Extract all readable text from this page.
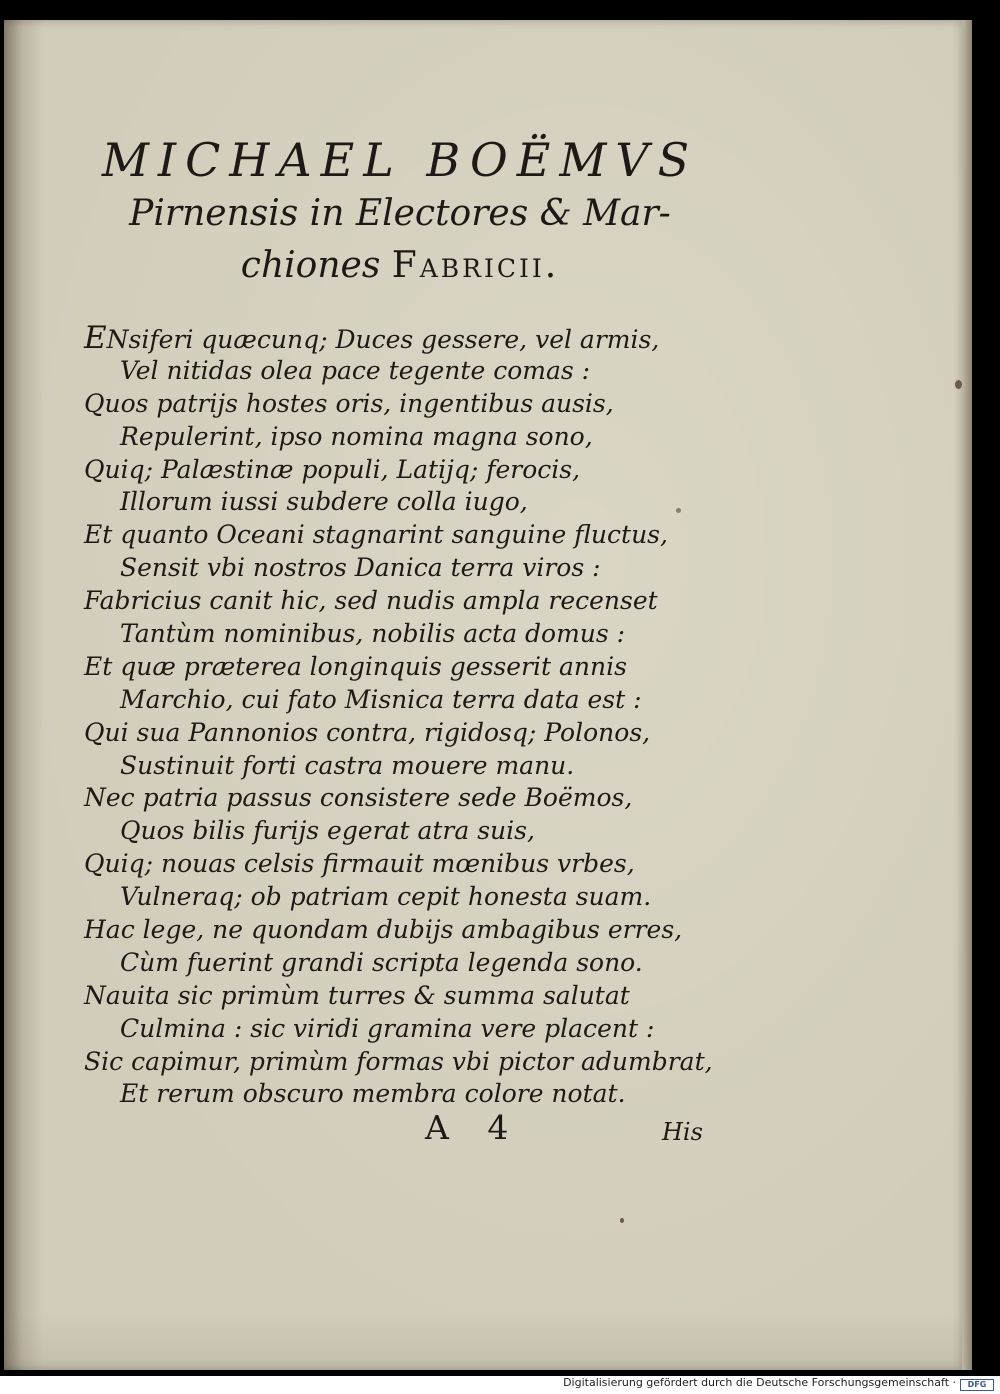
MICHAEL BOËMVS
Pirnensis in Electores & Mar-
chiones Fabricii.
ENsiferi quæcunq; Duces gessere, vel armis,
Vel nitidas olea pace tegente comas :
Quos patrijs hostes oris, ingentibus ausis,
Repulerint, ipso nomina magna sono,
Quiq; Palæstinæ populi, Latijq; ferocis,
Illorum iussi subdere colla iugo,
Et quanto Oceani stagnarint sanguine fluctus,
Sensit vbi nostros Danica terra viros :
Fabricius canit hic, sed nudis ampla recenset
Tantùm nominibus, nobilis acta domus :
Et quæ præterea longinquis gesserit annis
Marchio, cui fato Misnica terra data est :
Qui sua Pannonios contra, rigidosq; Polonos,
Sustinuit forti castra mouere manu.
Nec patria passus consistere sede Boëmos,
Quos bilis furijs egerat atra suis,
Quiq; nouas celsis firmauit mœnibus vrbes,
Vulneraq; ob patriam cepit honesta suam.
Hac lege, ne quondam dubijs ambagibus erres,
Cùm fuerint grandi scripta legenda sono.
Nauita sic primùm turres & summa salutat
Culmina : sic viridi gramina vere placent :
Sic capimur, primùm formas vbi pictor adumbrat,
Et rerum obscuro membra colore notat.
A 4	His
Digitalisierung gefördert durch die Deutsche Forschungsgemeinschaft ·	DFG
